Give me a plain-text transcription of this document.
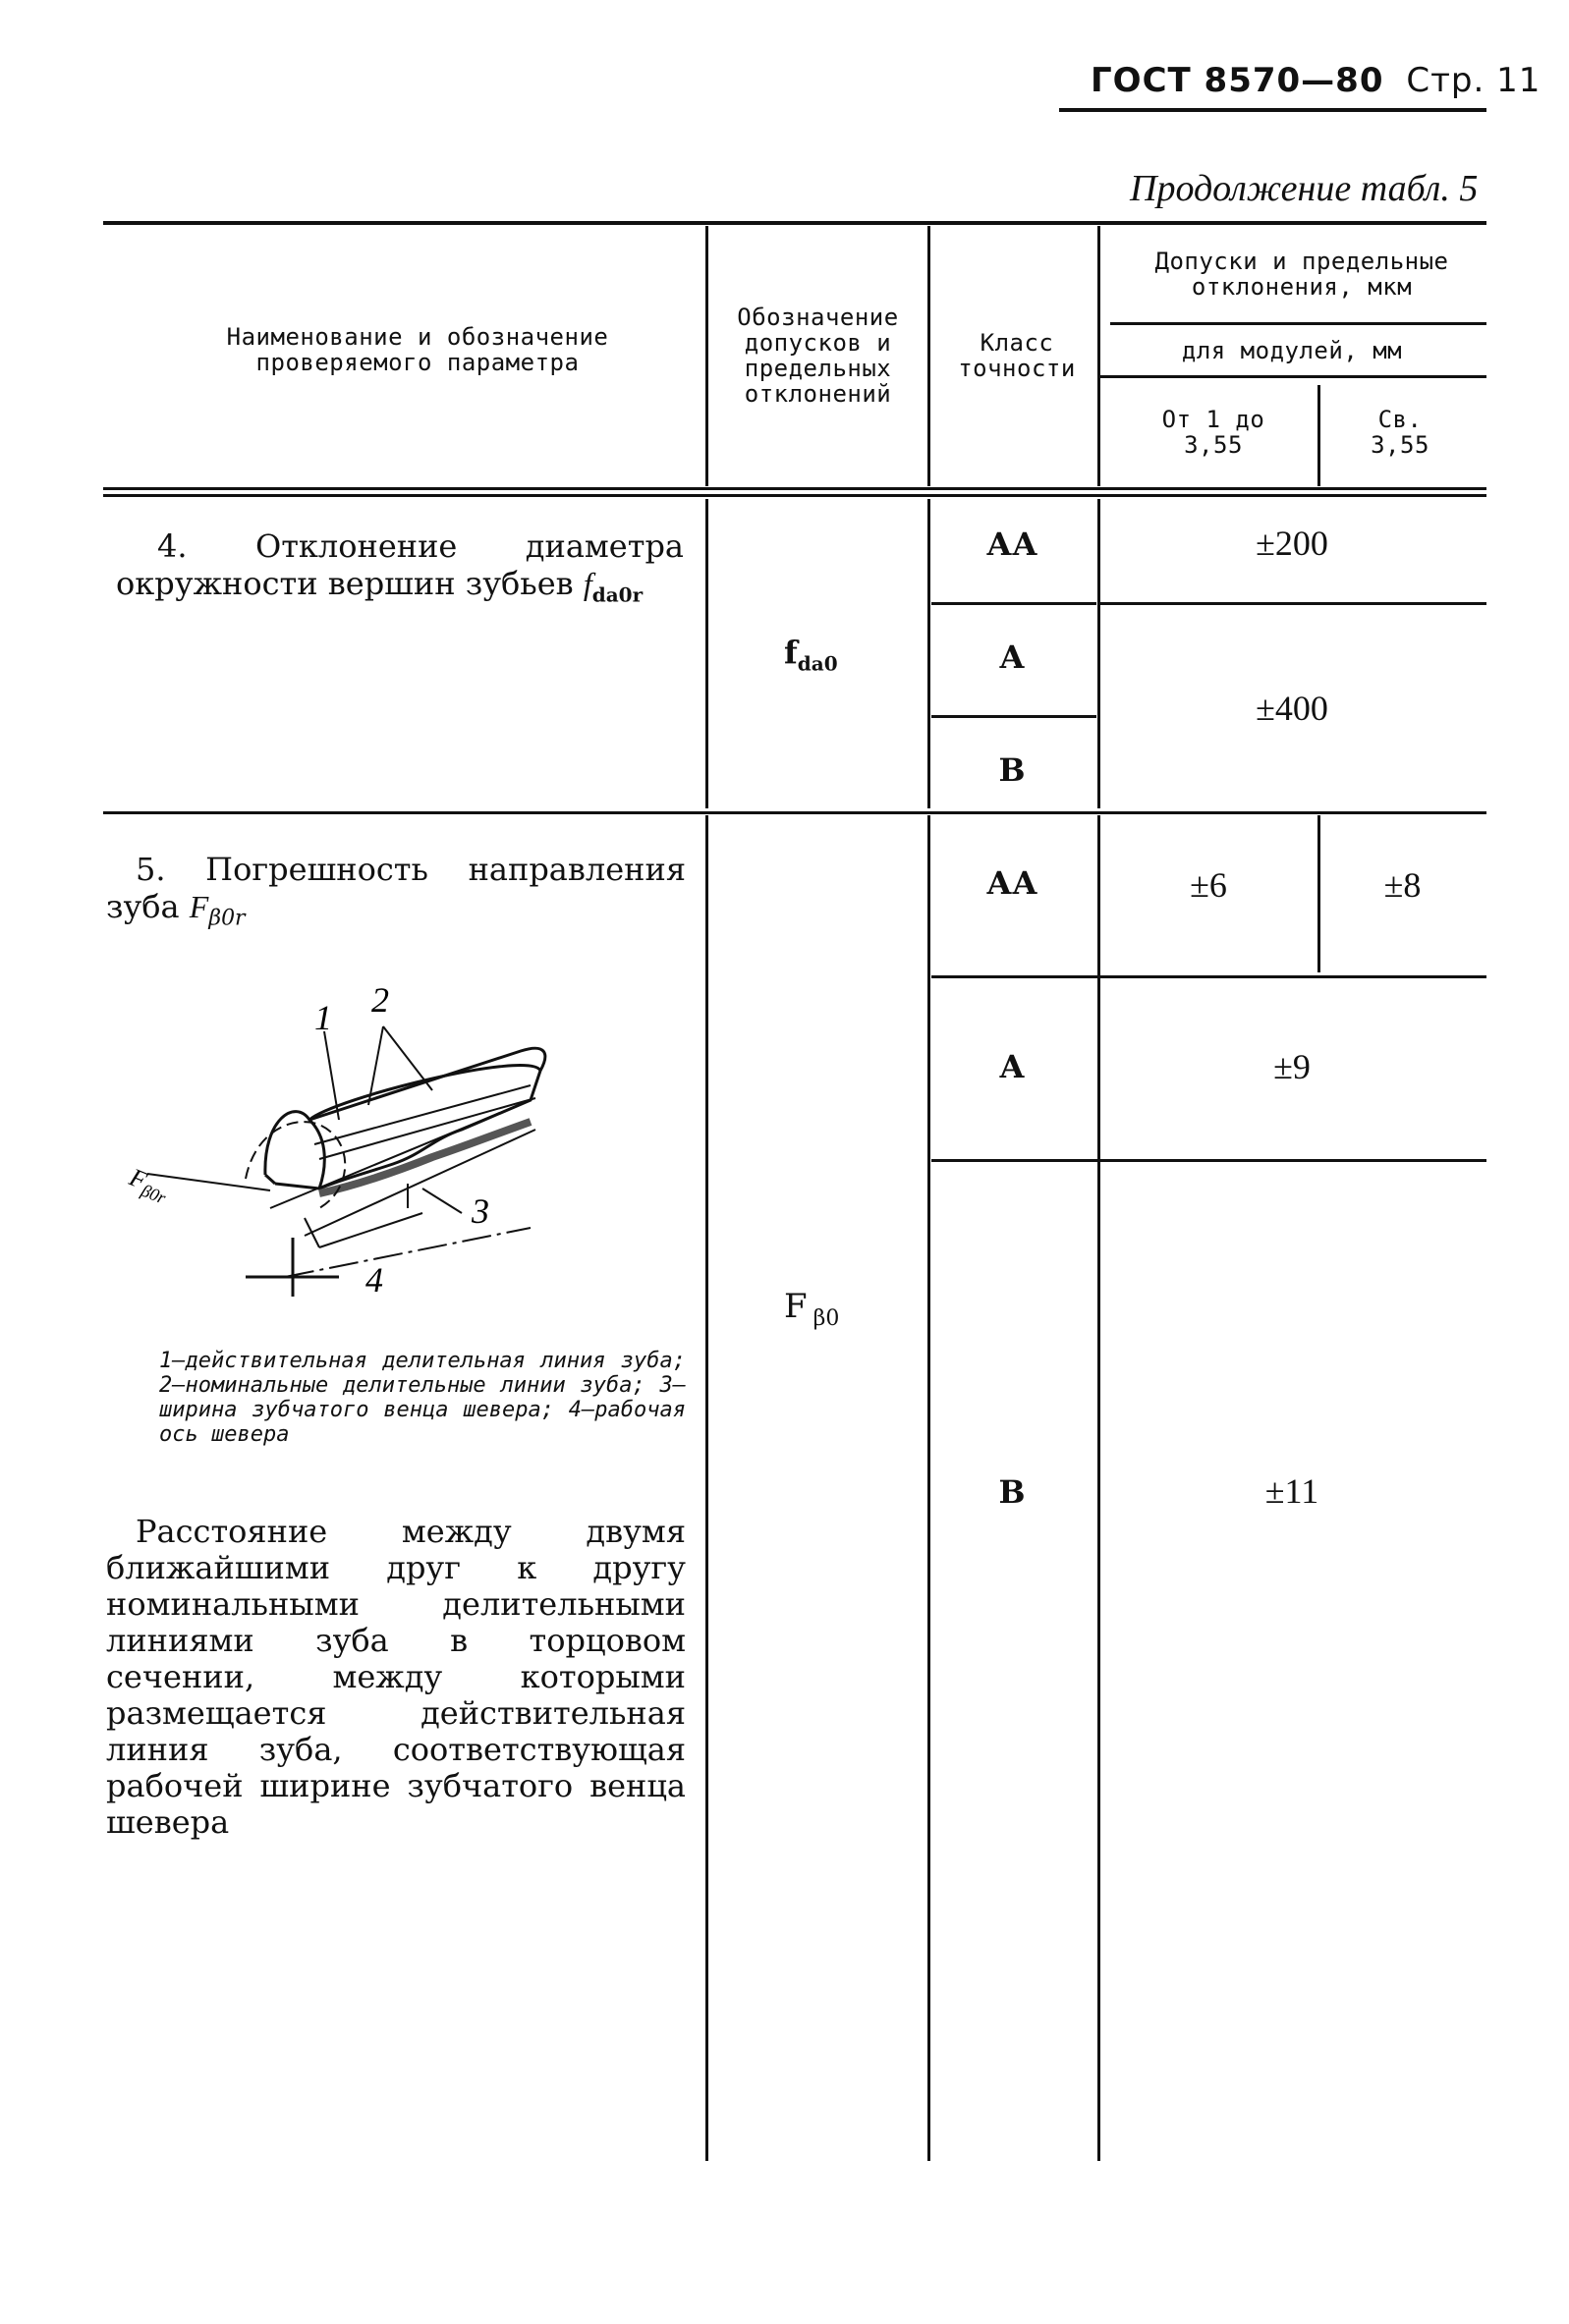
ГОСТ 8570—80 Стр. 11
Продолжение табл. 5
Наименование и обозначение проверяемого параметра
Обозначение допусков и предельных отклонений
Класс точности
Допуски и предельные отклонения, мкм
для модулей, мм
От 1 до 3,55
Св. 3,55
4. Отклонение диаметра окружности вершин зубьев $f_{da0r}$
$f_{da0}$
АА
А
В
±200
±400
5. Погрешность направления зуба $F_{\beta 0r}$
1 2
3
4
$F_{\beta 0r}$
1—действительная делительная линия зуба; 2—номинальные делительные линии зуба; 3—ширина зубчатого венца шевера; 4—рабочая ось шевера
Расстояние между двумя ближайшими друг к другу номинальными делительными линиями зуба в торцовом сечении, между которыми размещается действительная линия зуба, соответствующая рабочей ширине зубчатого венца шевера
F $_{\beta 0}$
АА
А
В
±6	±8
±9
±11
